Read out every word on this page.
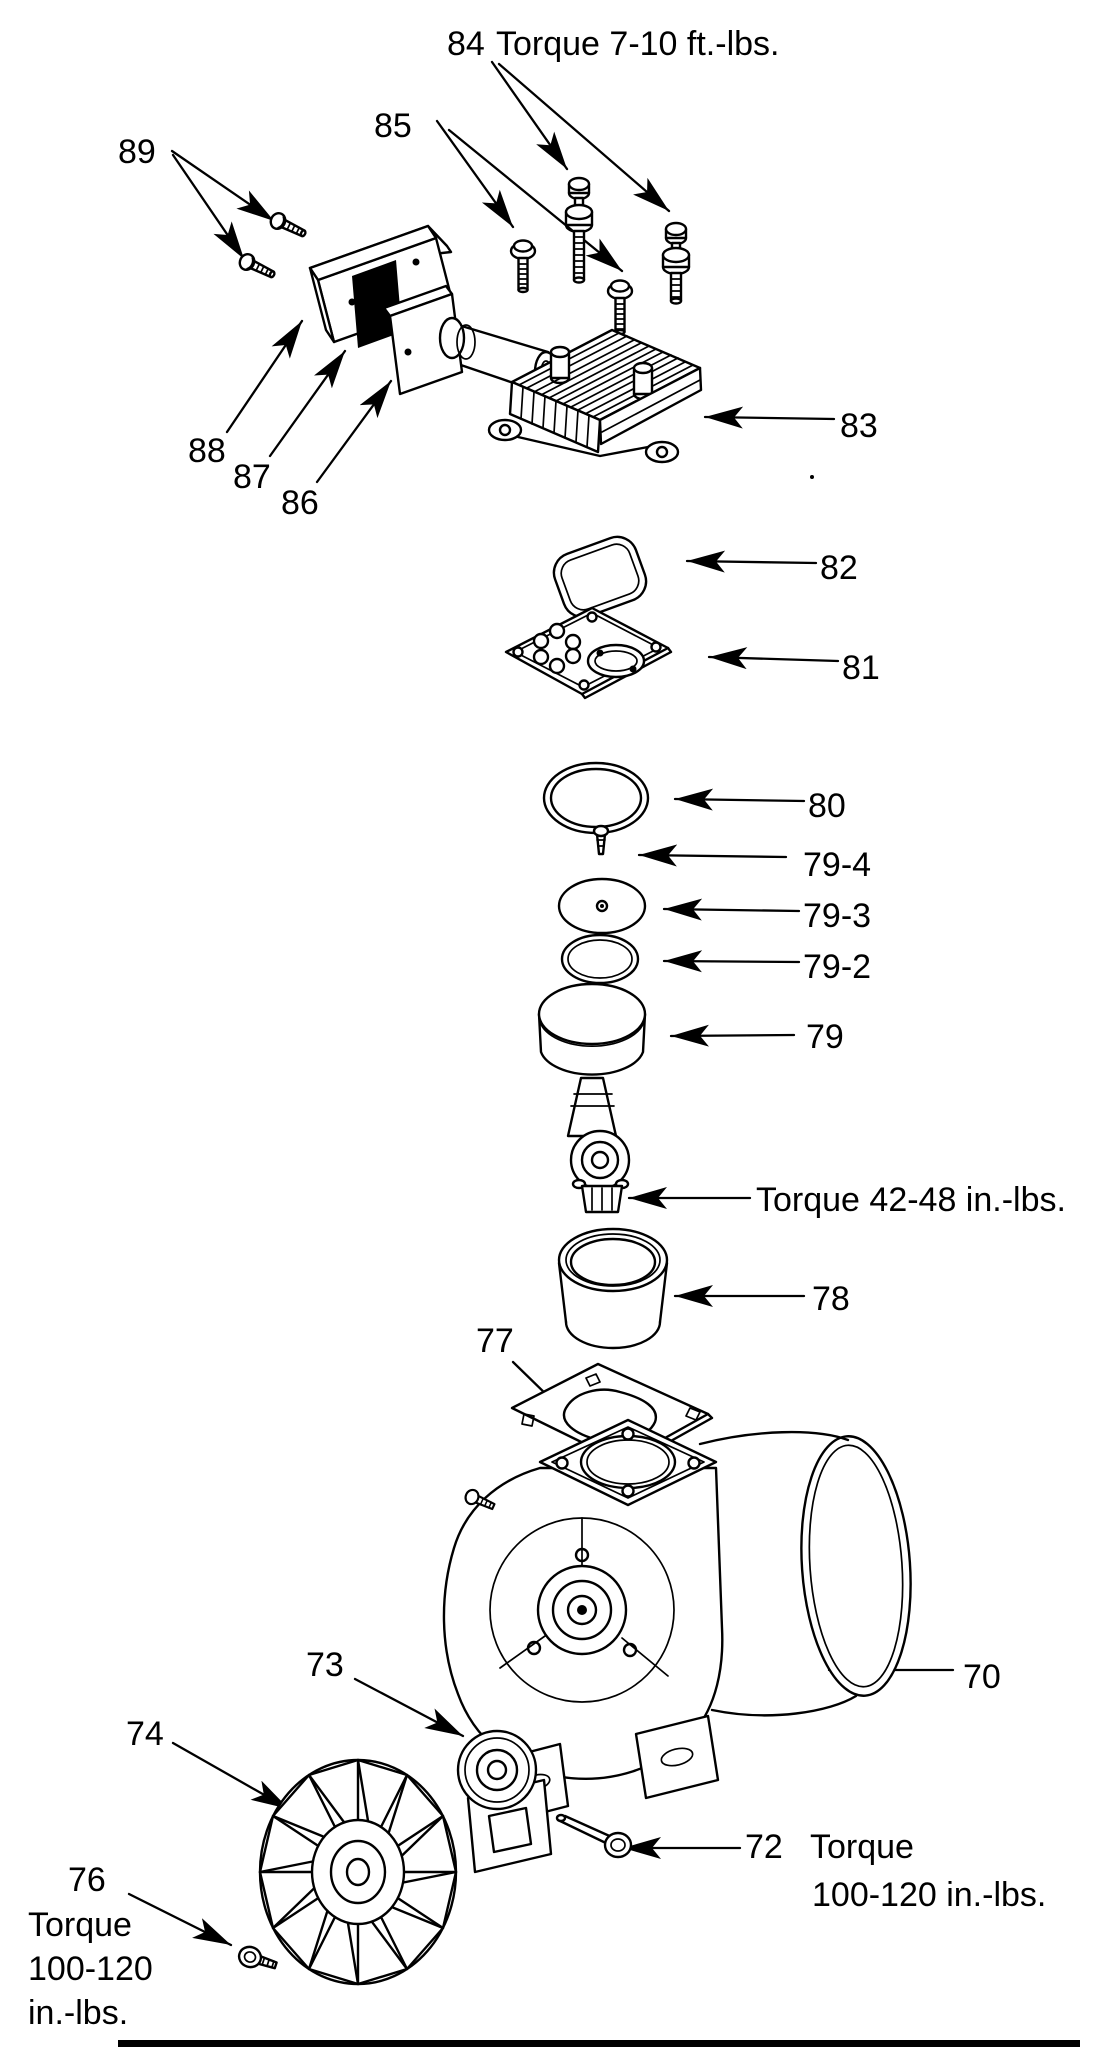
84 Torque 7-10 ft.-lbs.
85
89
88
87
86
83
82
81
80
79-4
79-3
79-2
79
Torque 42-48 in.-lbs.
78
77
70
73
74
72 Torque
100-120 in.-lbs.
76
Torque
100-120
in.-lbs.
